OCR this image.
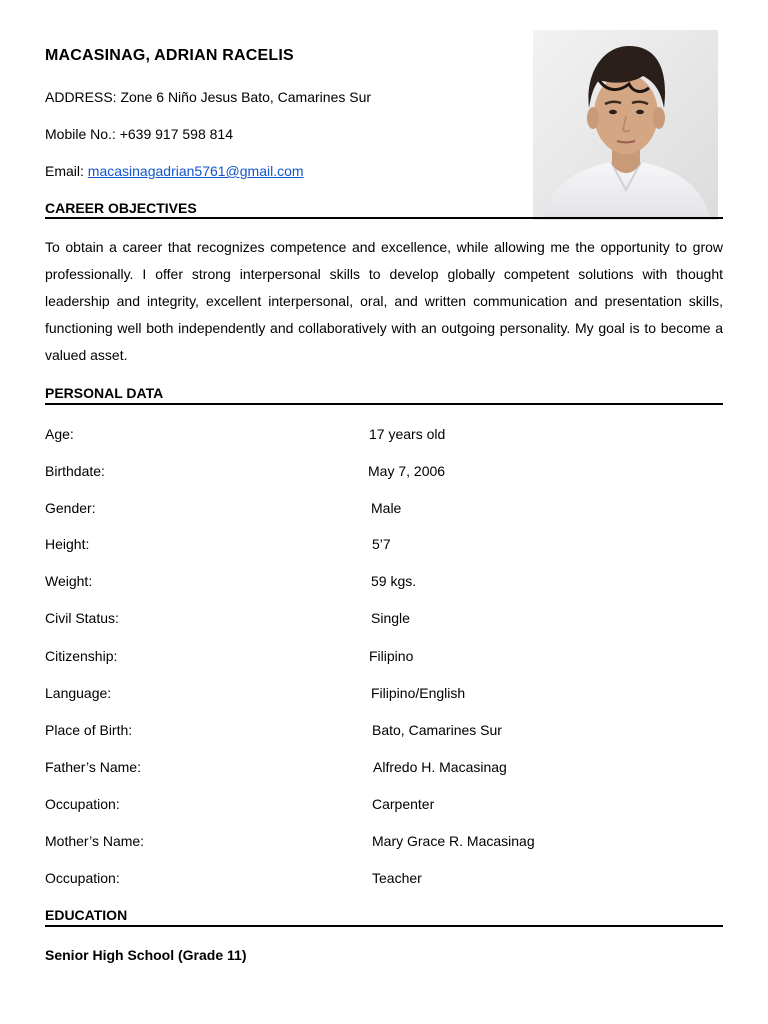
MACASINAG, ADRIAN RACELIS
ADDRESS: Zone 6 Niño Jesus Bato, Camarines Sur
Mobile No.: +639 917 598 814
Email: macasinagadrian5761@gmail.com
CAREER OBJECTIVES
To obtain a career that recognizes competence and excellence, while allowing me the opportunity to grow professionally. I offer strong interpersonal skills to develop globally competent solutions with thought leadership and integrity, excellent interpersonal, oral, and written communication and presentation skills, functioning well both independently and collaboratively with an outgoing personality. My goal is to become a valued asset.
PERSONAL DATA
Age:	17 years old
Birthdate:	May 7, 2006
Gender:	Male
Height:	5’7
Weight:	59 kgs.
Civil Status:	Single
Citizenship:	Filipino
Language:	Filipino/English
Place of Birth:	Bato, Camarines Sur
Father’s Name:	Alfredo H. Macasinag
Occupation:	Carpenter
Mother’s Name:	Mary Grace R. Macasinag
Occupation:	Teacher
EDUCATION
Senior High School (Grade 11)
